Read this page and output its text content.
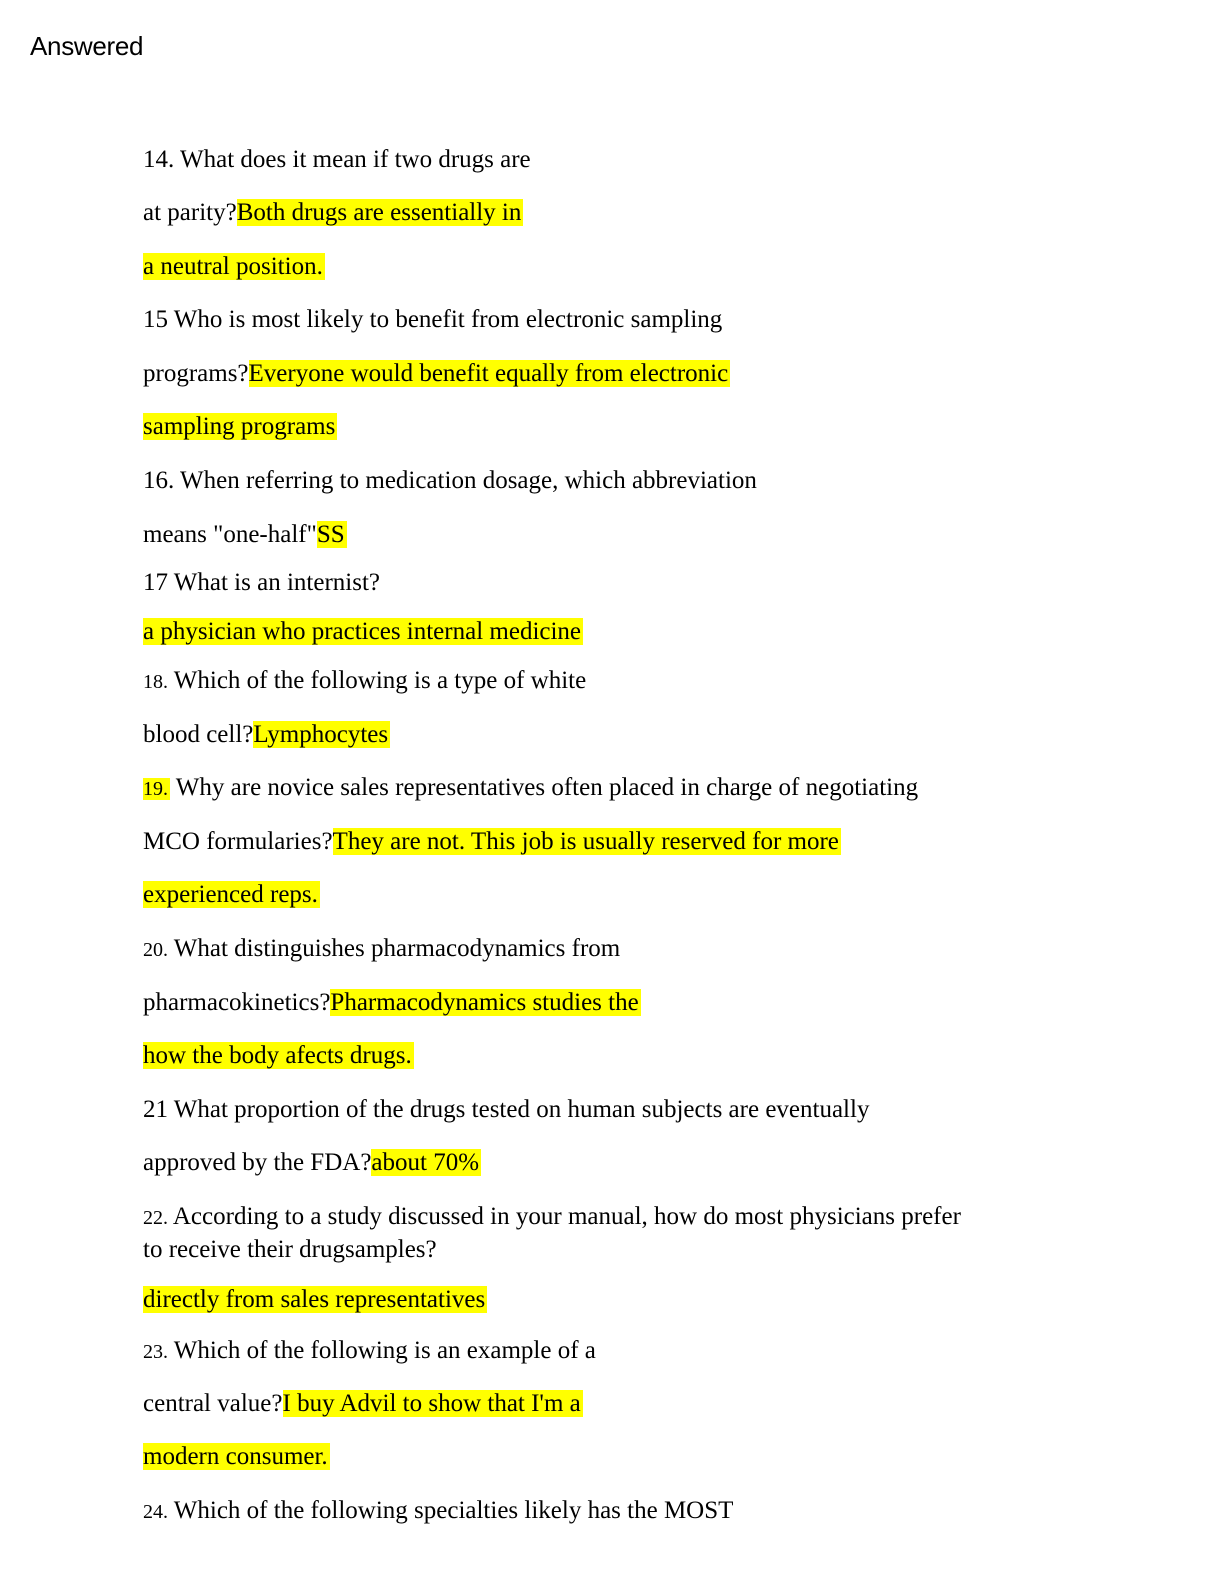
Answered
14. What does it mean if two drugs are
at parity?Both drugs are essentially in
a neutral position.
15 Who is most likely to benefit from electronic sampling
programs?Everyone would benefit equally from electronic
sampling programs
16. When referring to medication dosage, which abbreviation
means "one-half"SS
17 What is an internist?
a physician who practices internal medicine
18. Which of the following is a type of white
blood cell?Lymphocytes
19. Why are novice sales representatives often placed in charge of negotiating
MCO formularies?They are not. This job is usually reserved for more
experienced reps.
20. What distinguishes pharmacodynamics from
pharmacokinetics?Pharmacodynamics studies the
how the body afects drugs.
21 What proportion of the drugs tested on human subjects are eventually
approved by the FDA?about 70%
22. According to a study discussed in your manual, how do most physicians prefer
to receive their drugsamples?
directly from sales representatives
23. Which of the following is an example of a
central value?I buy Advil to show that I'm a
modern consumer.
24. Which of the following specialties likely has the MOST
